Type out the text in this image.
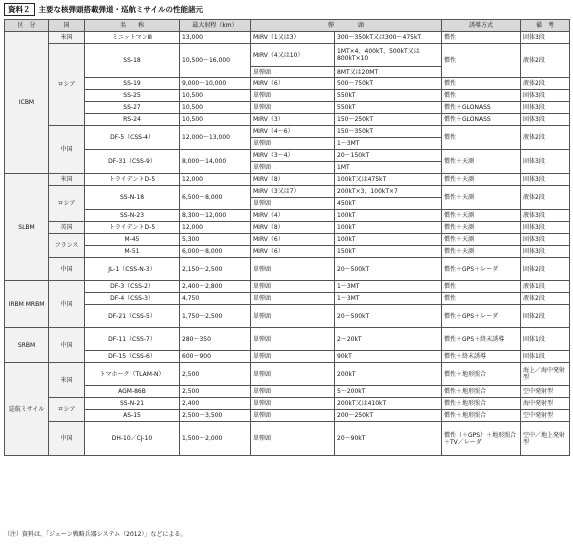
資料２	主要な核弾頭搭載弾道・巡航ミサイルの性能諸元
区　分	国	名　　称	最大射程（km）	弾　　　　頭		誘導方式	備　考
ICBM	米国	ミニットマンⅢ	13,000	MIRV（1又は3）	300～350kT又は300～475kT	慣性	固体3段
	ロシア	SS-18	10,500～16,000	MIRV（4又は10）	1MT×4、400kT、500kT又は800kT×10	慣性	液体2段
				単弾頭	8MT又は20MT		
		SS-19	9,000～10,000	MIRV（6）	500～750kT	慣性	液体2段
		SS-25	10,500	単弾頭	550kT	慣性	固体3段
		SS-27	10,500	単弾頭	550kT	慣性＋GLONASS	固体3段
		RS-24	10,500	MIRV（3）	150～250kT	慣性＋GLONASS	固体3段
	中国	DF-5（CSS-4）	12,000～13,000	MIRV（4～6）	150～350kT	慣性	液体2段
				単弾頭	1～3MT		
		DF-31（CSS-9）	8,000～14,000	MIRV（3～4）	20～150kT	慣性＋天測	固体3段
				単弾頭	1MT		
SLBM	米国	トライデントD-5	12,000	MIRV（8）	100kT又は475kT	慣性＋天測	固体3段
	ロシア	SS-N-18	6,500～8,000	MIRV（3又は7）	200kT×3、100kT×7	慣性＋天測	液体2段
				単弾頭	450kT		
		SS-N-23	8,300～12,000	MIRV（4）	100kT	慣性＋天測	液体3段
	英国	トライデントD-5	12,000	MIRV（8）	100kT	慣性＋天測	固体3段
	フランス	M-45	5,300	MIRV（6）	100kT	慣性＋天測	固体3段
		M-51	6,000～8,000	MIRV（6）	150kT	慣性＋天測	固体3段
	中国	JL-1（CSS-N-3）	2,150～2,500	単弾頭	20～500kT	慣性＋GPS＋レーダ	固体2段
IRBM MRBM	中国	DF-3（CSS-2）	2,400～2,800	単弾頭	1～3MT	慣性	液体1段
		DF-4（CSS-3）	4,750	単弾頭	1～3MT	慣性	液体2段
		DF-21（CSS-5）	1,750～2,500	単弾頭	20～500kT	慣性＋GPS＋レーダ	固体2段
SRBM	中国	DF-11（CSS-7）	280～350	単弾頭	2～20kT	慣性＋GPS＋終末誘導	固体1段
		DF-15（CSS-6）	600～900	単弾頭	90kT	慣性＋終末誘導	固体1段
巡航ミサイル	米国	トマホーク（TLAM-N）	2,500	単弾頭	200kT	慣性＋地形照合	海上／海中発射型
		AGM-86B	2,500	単弾頭	5～200kT	慣性＋地形照合	空中発射型
	ロシア	SS-N-21	2,400	単弾頭	200kT又は410kT	慣性＋地形照合	海中発射型
		AS-15	2,500～3,500	単弾頭	200～250kT	慣性＋地形照合	空中発射型
	中国	DH-10／CJ-10	1,500～2,000	単弾頭	20～90kT	慣性（＋GPS）＋地形照合＋TV／レーダ	空中／地上発射型
（注）資料は、「ジェーン戦略兵器システム（2012）」などによる。
